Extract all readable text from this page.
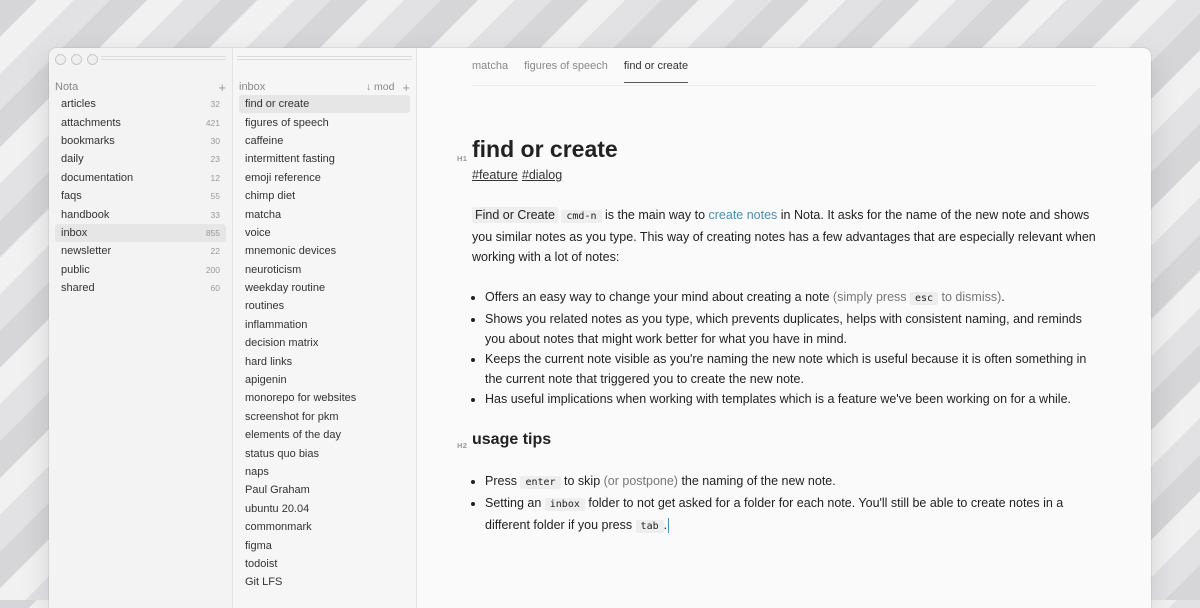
Nota	+
articles	32
attachments	421
bookmarks	30
daily	23
documentation	12
faqs	55
handbook	33
inbox	855
newsletter	22
public	200
shared	60
inbox	↓ mod +
find or create
figures of speech
caffeine
intermittent fasting
emoji reference
chimp diet
matcha
voice
mnemonic devices
neuroticism
weekday routine
routines
inflammation
decision matrix
hard links
apigenin
monorepo for websites
screenshot for pkm
elements of the day
status quo bias
naps
Paul Graham
ubuntu 20.04
commonmark
figma
todoist
Git LFS
matcha figures of speech find or create
H1 find or create
#feature #dialog
Find or Create cmd-n is the main way to create notes in Nota. It asks for the name of the new note and shows you similar notes as you type. This way of creating notes has a few advantages that are especially relevant when working with a lot of notes:
• Offers an easy way to change your mind about creating a note (simply press esc to dismiss).
• Shows you related notes as you type, which prevents duplicates, helps with consistent naming, and reminds you about notes that might work better for what you have in mind.
• Keeps the current note visible as you're naming the new note which is useful because it is often something in the current note that triggered you to create the new note.
• Has useful implications when working with templates which is a feature we've been working on for a while.
H2 usage tips
• Press enter to skip (or postpone) the naming of the new note.
• Setting an inbox folder to not get asked for a folder for each note. You'll still be able to create notes in a different folder if you press tab .
